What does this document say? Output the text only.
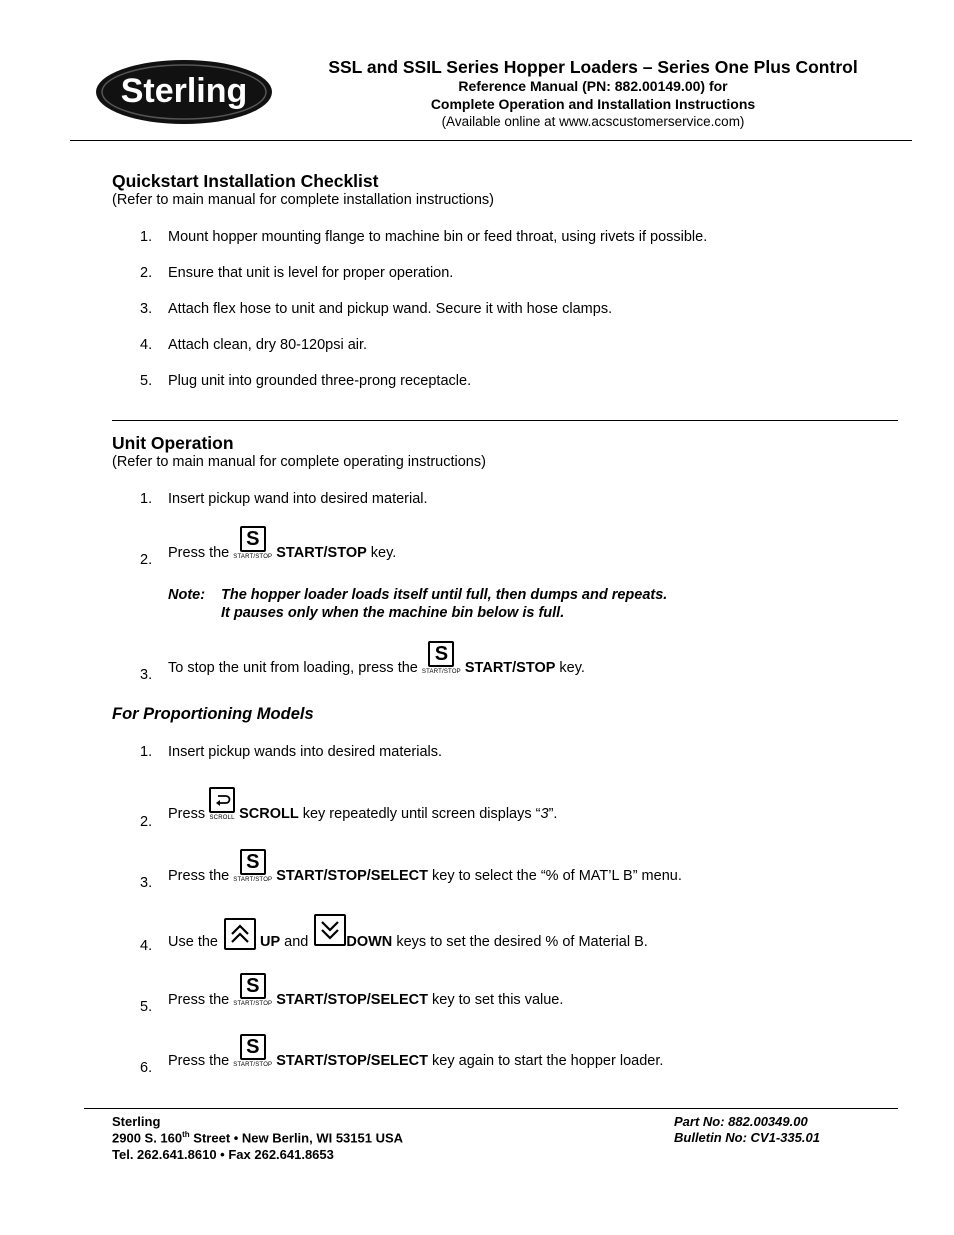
Sterling
SSL and SSIL Series Hopper Loaders – Series One Plus Control
Reference Manual (PN: 882.00149.00) for
Complete Operation and Installation Instructions
(Available online at www.acscustomerservice.com)
Quickstart Installation Checklist
(Refer to main manual for complete installation instructions)
1.	Mount hopper mounting flange to machine bin or feed throat, using rivets if possible.
2.	Ensure that unit is level for proper operation.
3.	Attach flex hose to unit and pickup wand. Secure it with hose clamps.
4.	Attach clean, dry 80-120psi air.
5.	Plug unit into grounded three-prong receptacle.
Unit Operation
(Refer to main manual for complete operating instructions)
1.	Insert pickup wand into desired material.
2.	Press the
S
START/STOP START/STOP
key.
Note: The hopper loader loads itself until full, then dumps and repeats.
It pauses only when the machine bin below is full.
3.	To stop the unit from loading, press the
S
START/STOP START/STOP
key.
For Proportioning Models
1.	Insert pickup wands into desired materials.
2.	Press SCROLL SCROLL
key repeatedly until screen displays “ 3 ”.
3.	Press the
S
START/STOP START/STOP/SELECT
key to select the “% of MAT’L B” menu.
4.	Use the	UP
and	DOWN
keys to set the desired % of Material B.
5.	Press the
S
START/STOP START/STOP/SELECT
key to set this value.
6.	Press the
S
START/STOP START/STOP/SELECT
key again to start the hopper loader.
Sterling
2900 S. 160th Street • New Berlin, WI 53151 USA
Tel. 262.641.8610 • Fax 262.641.8653
Part No: 882.00349.00
Bulletin No: CV1-335.01
